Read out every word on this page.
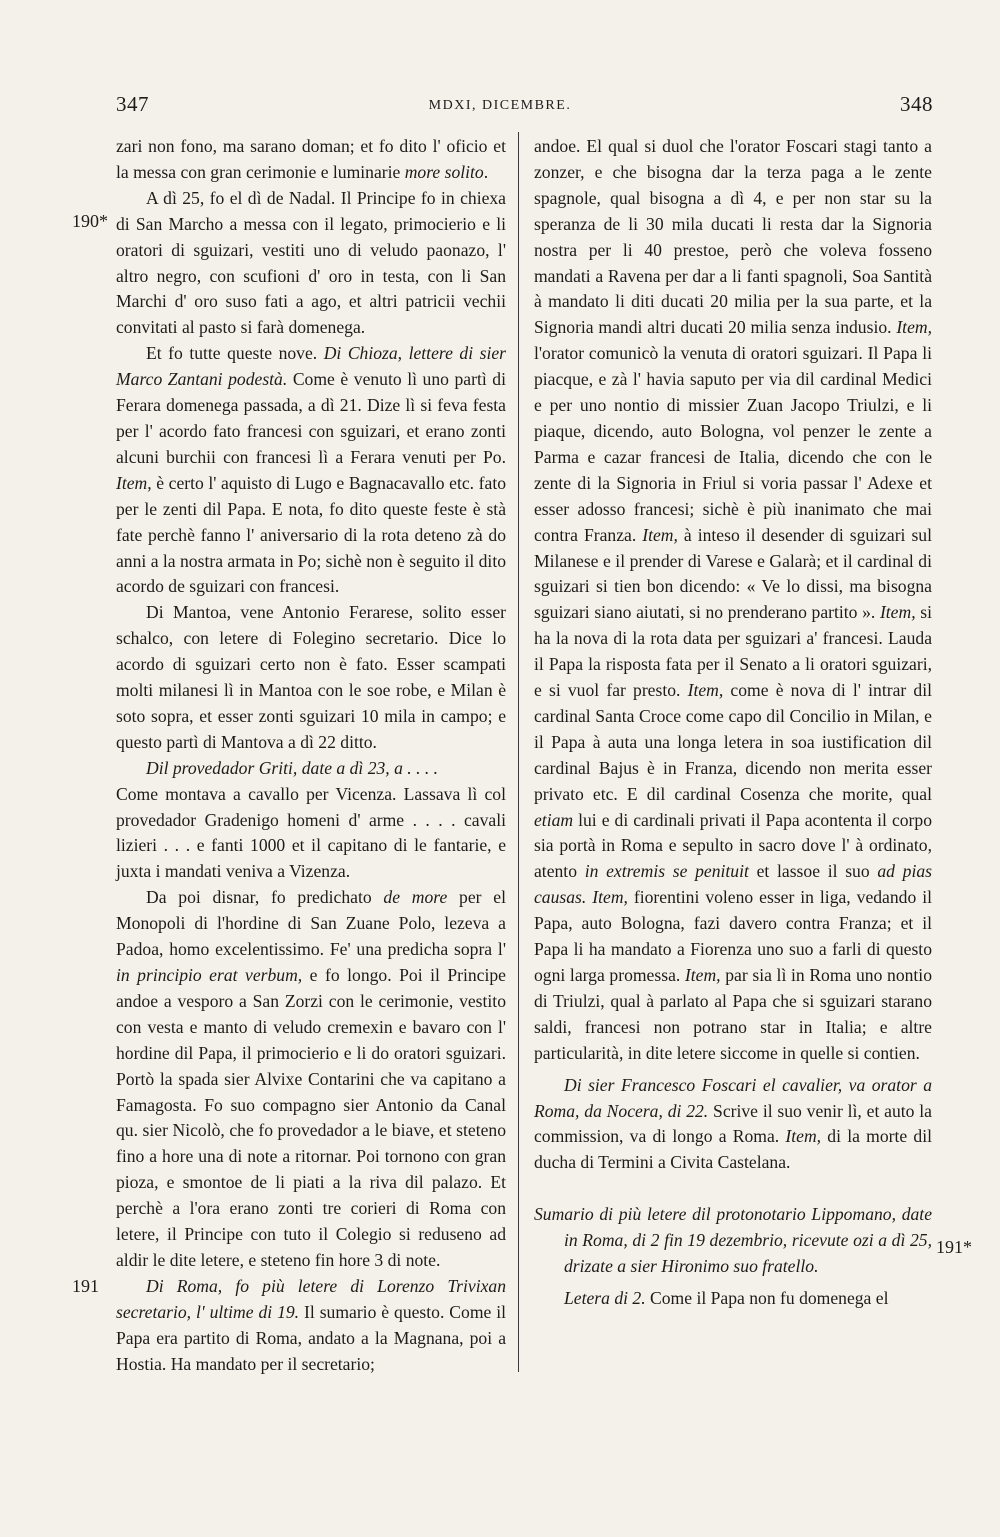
347	MDXI, DICEMBRE.	348
190*
191
191*

zari non fono, ma sarano doman; et fo dito l' oficio et la messa con gran cerimonie e luminarie more solito.

A dì 25, fo el dì de Nadal. Il Principe fo in chiexa di San Marcho a messa con il legato, primocierio e li oratori di sguizari, vestiti uno di veludo paonazo, l' altro negro, con scufioni d' oro in testa, con li San Marchi d' oro suso fati a ago, et altri patricii vechii convitati al pasto si farà domenega.

Et fo tutte queste nove. Di Chioza, lettere di sier Marco Zantani podestà. Come è venuto lì uno partì di Ferara domenega passada, a dì 21. Dize lì si feva festa per l' acordo fato francesi con sguizari, et erano zonti alcuni burchii con francesi lì a Ferara venuti per Po. Item, è certo l' aquisto di Lugo e Bagnacavallo etc. fato per le zenti dil Papa. E nota, fo dito queste feste è stà fate perchè fanno l' aniversario di la rota deteno zà do anni a la nostra armata in Po; sichè non è seguito il dito acordo de sguizari con francesi.

Di Mantoa, vene Antonio Ferarese, solito esser schalco, con letere di Folegino secretario. Dice lo acordo di sguizari certo non è fato. Esser scampati molti milanesi lì in Mantoa con le soe robe, e Milan è soto sopra, et esser zonti sguizari 10 mila in campo; e questo partì di Mantova a dì 22 ditto.

Dil provedador Griti, date a dì 23, a . . . .

Come montava a cavallo per Vicenza. Lassava lì col provedador Gradenigo homeni d' arme . . . . cavali lizieri . . . e fanti 1000 et il capitano di le fantarie, e juxta i mandati veniva a Vizenza.

Da poi disnar, fo predichato de more per el Monopoli di l'hordine di San Zuane Polo, lezeva a Padoa, homo excelentissimo. Fe' una predicha sopra l' in principio erat verbum, e fo longo. Poi il Principe andoe a vesporo a San Zorzi con le cerimonie, vestito con vesta e manto di veludo cremexin e bavaro con l' hordine dil Papa, il primocierio e li do oratori sguizari. Portò la spada sier Alvixe Contarini che va capitano a Famagosta. Fo suo compagno sier Antonio da Canal qu. sier Nicolò, che fo provedador a le biave, et steteno fino a hore una di note a ritornar. Poi tornono con gran pioza, e smontoe de li piati a la riva dil palazo. Et perchè a l'ora erano zonti tre corieri di Roma con letere, il Principe con tuto il Colegio si reduseno ad aldir le dite letere, e steteno fin hore 3 di note.

Di Roma, fo più letere di Lorenzo Trivixan secretario, l' ultime di 19. Il sumario è questo. Come il Papa era partito di Roma, andato a la Magnana, poi a Hostia. Ha mandato per il secretario;

andoe. El qual si duol che l'orator Foscari stagi tanto a zonzer, e che bisogna dar la terza paga a le zente spagnole, qual bisogna a dì 4, e per non star su la speranza de li 30 mila ducati li resta dar la Signoria nostra per li 40 prestoe, però che voleva fosseno mandati a Ravena per dar a li fanti spagnoli, Soa Santità à mandato li diti ducati 20 milia per la sua parte, et la Signoria mandi altri ducati 20 milia senza indusio. Item, l'orator comunicò la venuta di oratori sguizari. Il Papa li piacque, e zà l' havia saputo per via dil cardinal Medici e per uno nontio di missier Zuan Jacopo Triulzi, e li piaque, dicendo, auto Bologna, vol penzer le zente a Parma e cazar francesi de Italia, dicendo che con le zente di la Signoria in Friul si voria passar l' Adexe et esser adosso francesi; sichè è più inanimato che mai contra Franza. Item, à inteso il desender di sguizari sul Milanese e il prender di Varese e Galarà; et il cardinal di sguizari si tien bon dicendo: « Ve lo dissi, ma bisogna sguizari siano aiutati, si no prenderano partito ». Item, si ha la nova di la rota data per sguizari a' francesi. Lauda il Papa la risposta fata per il Senato a li oratori sguizari, e si vuol far presto. Item, come è nova di l' intrar dil cardinal Santa Croce come capo dil Concilio in Milan, e il Papa à auta una longa letera in soa iustification dil cardinal Bajus è in Franza, dicendo non merita esser privato etc. E dil cardinal Cosenza che morite, qual etiam lui e di cardinali privati il Papa acontenta il corpo sia portà in Roma e sepulto in sacro dove l' à ordinato, atento in extremis se penituit et lassoe il suo ad pias causas. Item, fiorentini voleno esser in liga, vedando il Papa, auto Bologna, fazi davero contra Franza; et il Papa li ha mandato a Fiorenza uno suo a farli di questo ogni larga promessa. Item, par sia lì in Roma uno nontio di Triulzi, qual à parlato al Papa che si sguizari starano saldi, francesi non potrano star in Italia; e altre particularità, in dite letere siccome in quelle si contien.

Di sier Francesco Foscari el cavalier, va orator a Roma, da Nocera, di 22. Scrive il suo venir lì, et auto la commission, va di longo a Roma. Item, di la morte dil ducha di Termini a Civita Castelana.

Sumario di più letere dil protonotario Lippomano, date in Roma, di 2 fin 19 dezembrio, ricevute ozi a dì 25, drizate a sier Hironimo suo fratello.

Letera di 2. Come il Papa non fu domenega el
